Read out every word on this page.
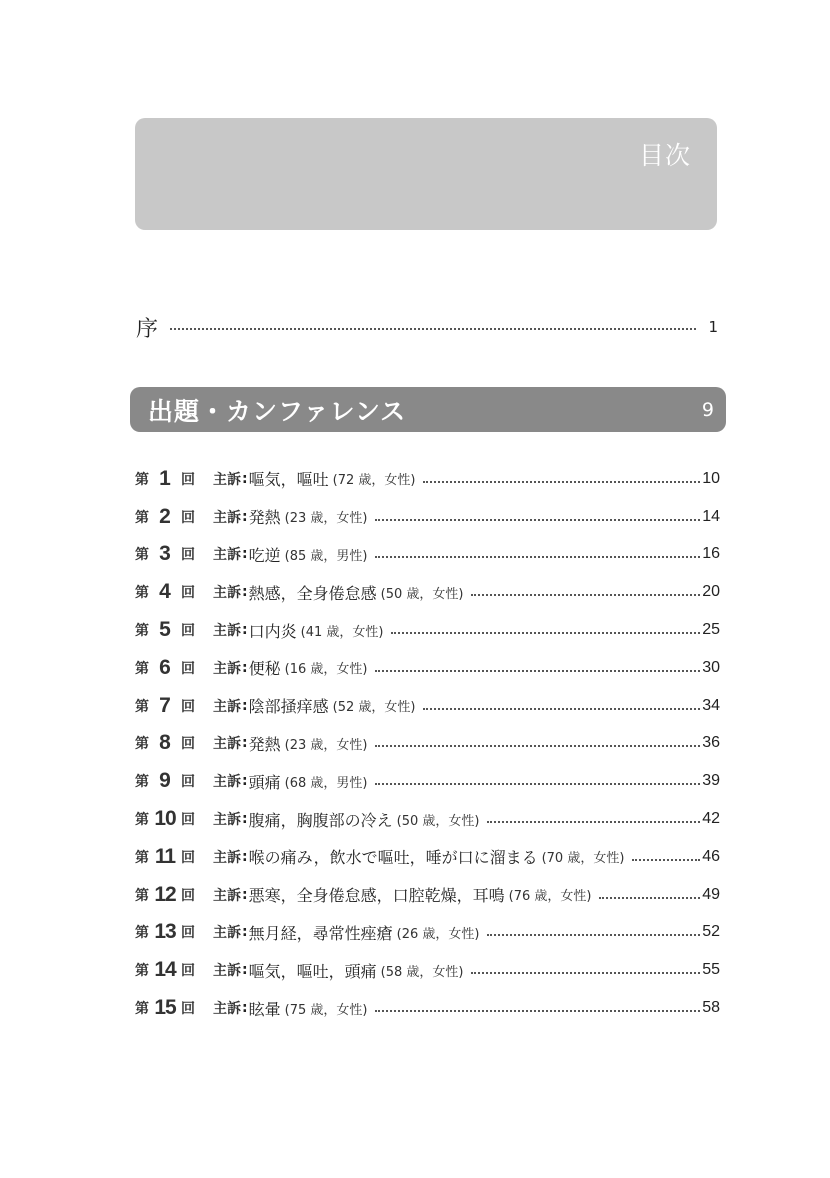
目次
序	1
出題・カンファレンス	9
第 1 回 主訴 : 嘔気，嘔吐 (72 歳，女性)	10
第 2 回 主訴 : 発熱 (23 歳，女性)	14
第 3 回 主訴 : 吃逆 (85 歳，男性)	16
第 4 回 主訴 : 熱感，全身倦怠感 (50 歳，女性)	20
第 5 回 主訴 : 口内炎 (41 歳，女性)	25
第 6 回 主訴 : 便秘 (16 歳，女性)	30
第 7 回 主訴 : 陰部掻痒感 (52 歳，女性)	34
第 8 回 主訴 : 発熱 (23 歳，女性)	36
第 9 回 主訴 : 頭痛 (68 歳，男性)	39
第 10 回 主訴 : 腹痛，胸腹部の冷え (50 歳，女性)	42
第 11 回 主訴 : 喉の痛み，飲水で嘔吐，唾が口に溜まる (70 歳，女性)	46
第 12 回 主訴 : 悪寒，全身倦怠感，口腔乾燥，耳鳴 (76 歳，女性)	49
第 13 回 主訴 : 無月経，尋常性痤瘡 (26 歳，女性)	52
第 14 回 主訴 : 嘔気，嘔吐，頭痛 (58 歳，女性)	55
第 15 回 主訴 : 眩暈 (75 歳，女性)	58
